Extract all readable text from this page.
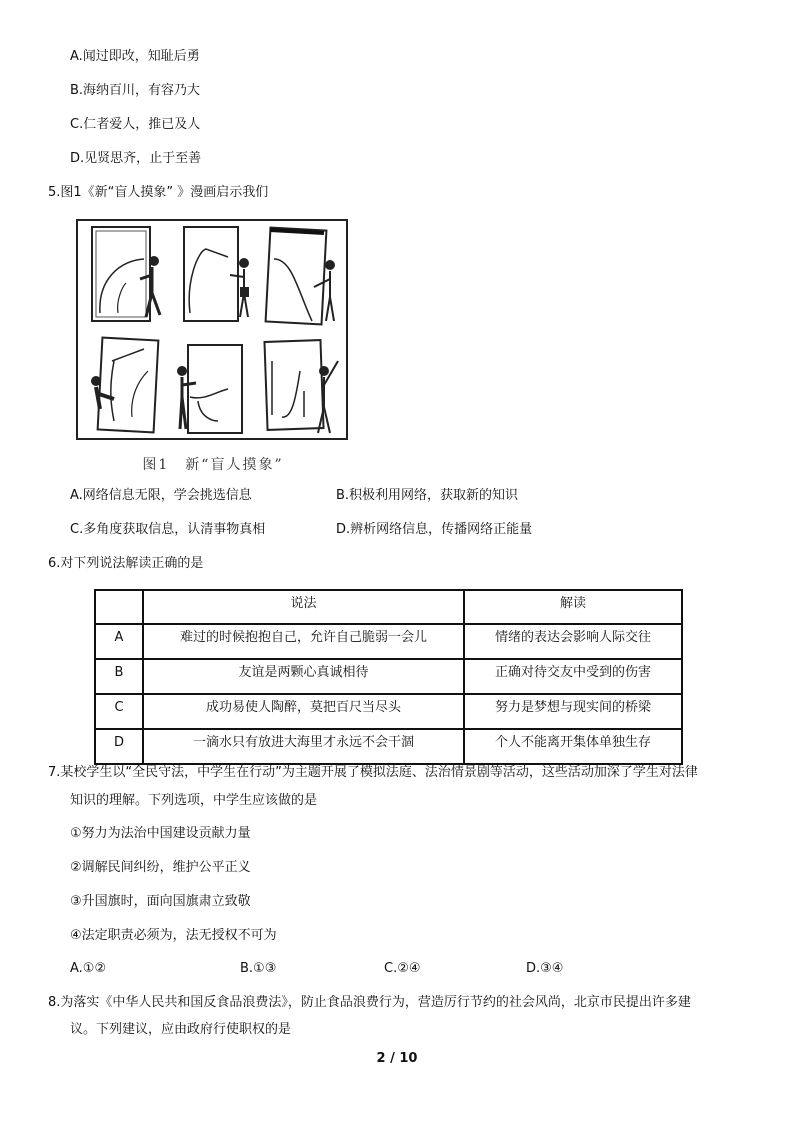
A.闻过即改，知耻后勇
B.海纳百川，有容乃大
C.仁者爱人，推已及人
D.见贤思齐，止于至善
5.图1《新“盲人摸象” 》漫画启示我们
图1　新“盲人摸象”
A.网络信息无限，学会挑选信息	B.积极利用网络，获取新的知识
C.多角度获取信息，认清事物真相	D.辨析网络信息，传播网络正能量
6.对下列说法解读正确的是

	说法	解读

A	难过的时候抱抱自己，允许自己脆弱一会儿	情绪的表达会影响人际交往

B	友谊是两颗心真诚相待	正确对待交友中受到的伤害

C	成功易使人陶醉，莫把百尺当尽头	努力是梦想与现实间的桥梁

D	一滴水只有放进大海里才永远不会干涸	个人不能离开集体单独生存
7.某校学生以“全民守法，中学生在行动”为主题开展了模拟法庭、法治情景剧等活动，这些活动加深了学生对法律
知识的理解。下列选项，中学生应该做的是
①努力为法治中国建设贡献力量
②调解民间纠纷，维护公平正义
③升国旗时，面向国旗肃立致敬
④法定职责必须为，法无授权不可为
A.①②	B.①③	C.②④	D.③④
8.为落实《中华人民共和国反食品浪费法》，防止食品浪费行为，营造厉行节约的社会风尚，北京市民提出许多建
议。下列建议，应由政府行使职权的是
2 / 10
